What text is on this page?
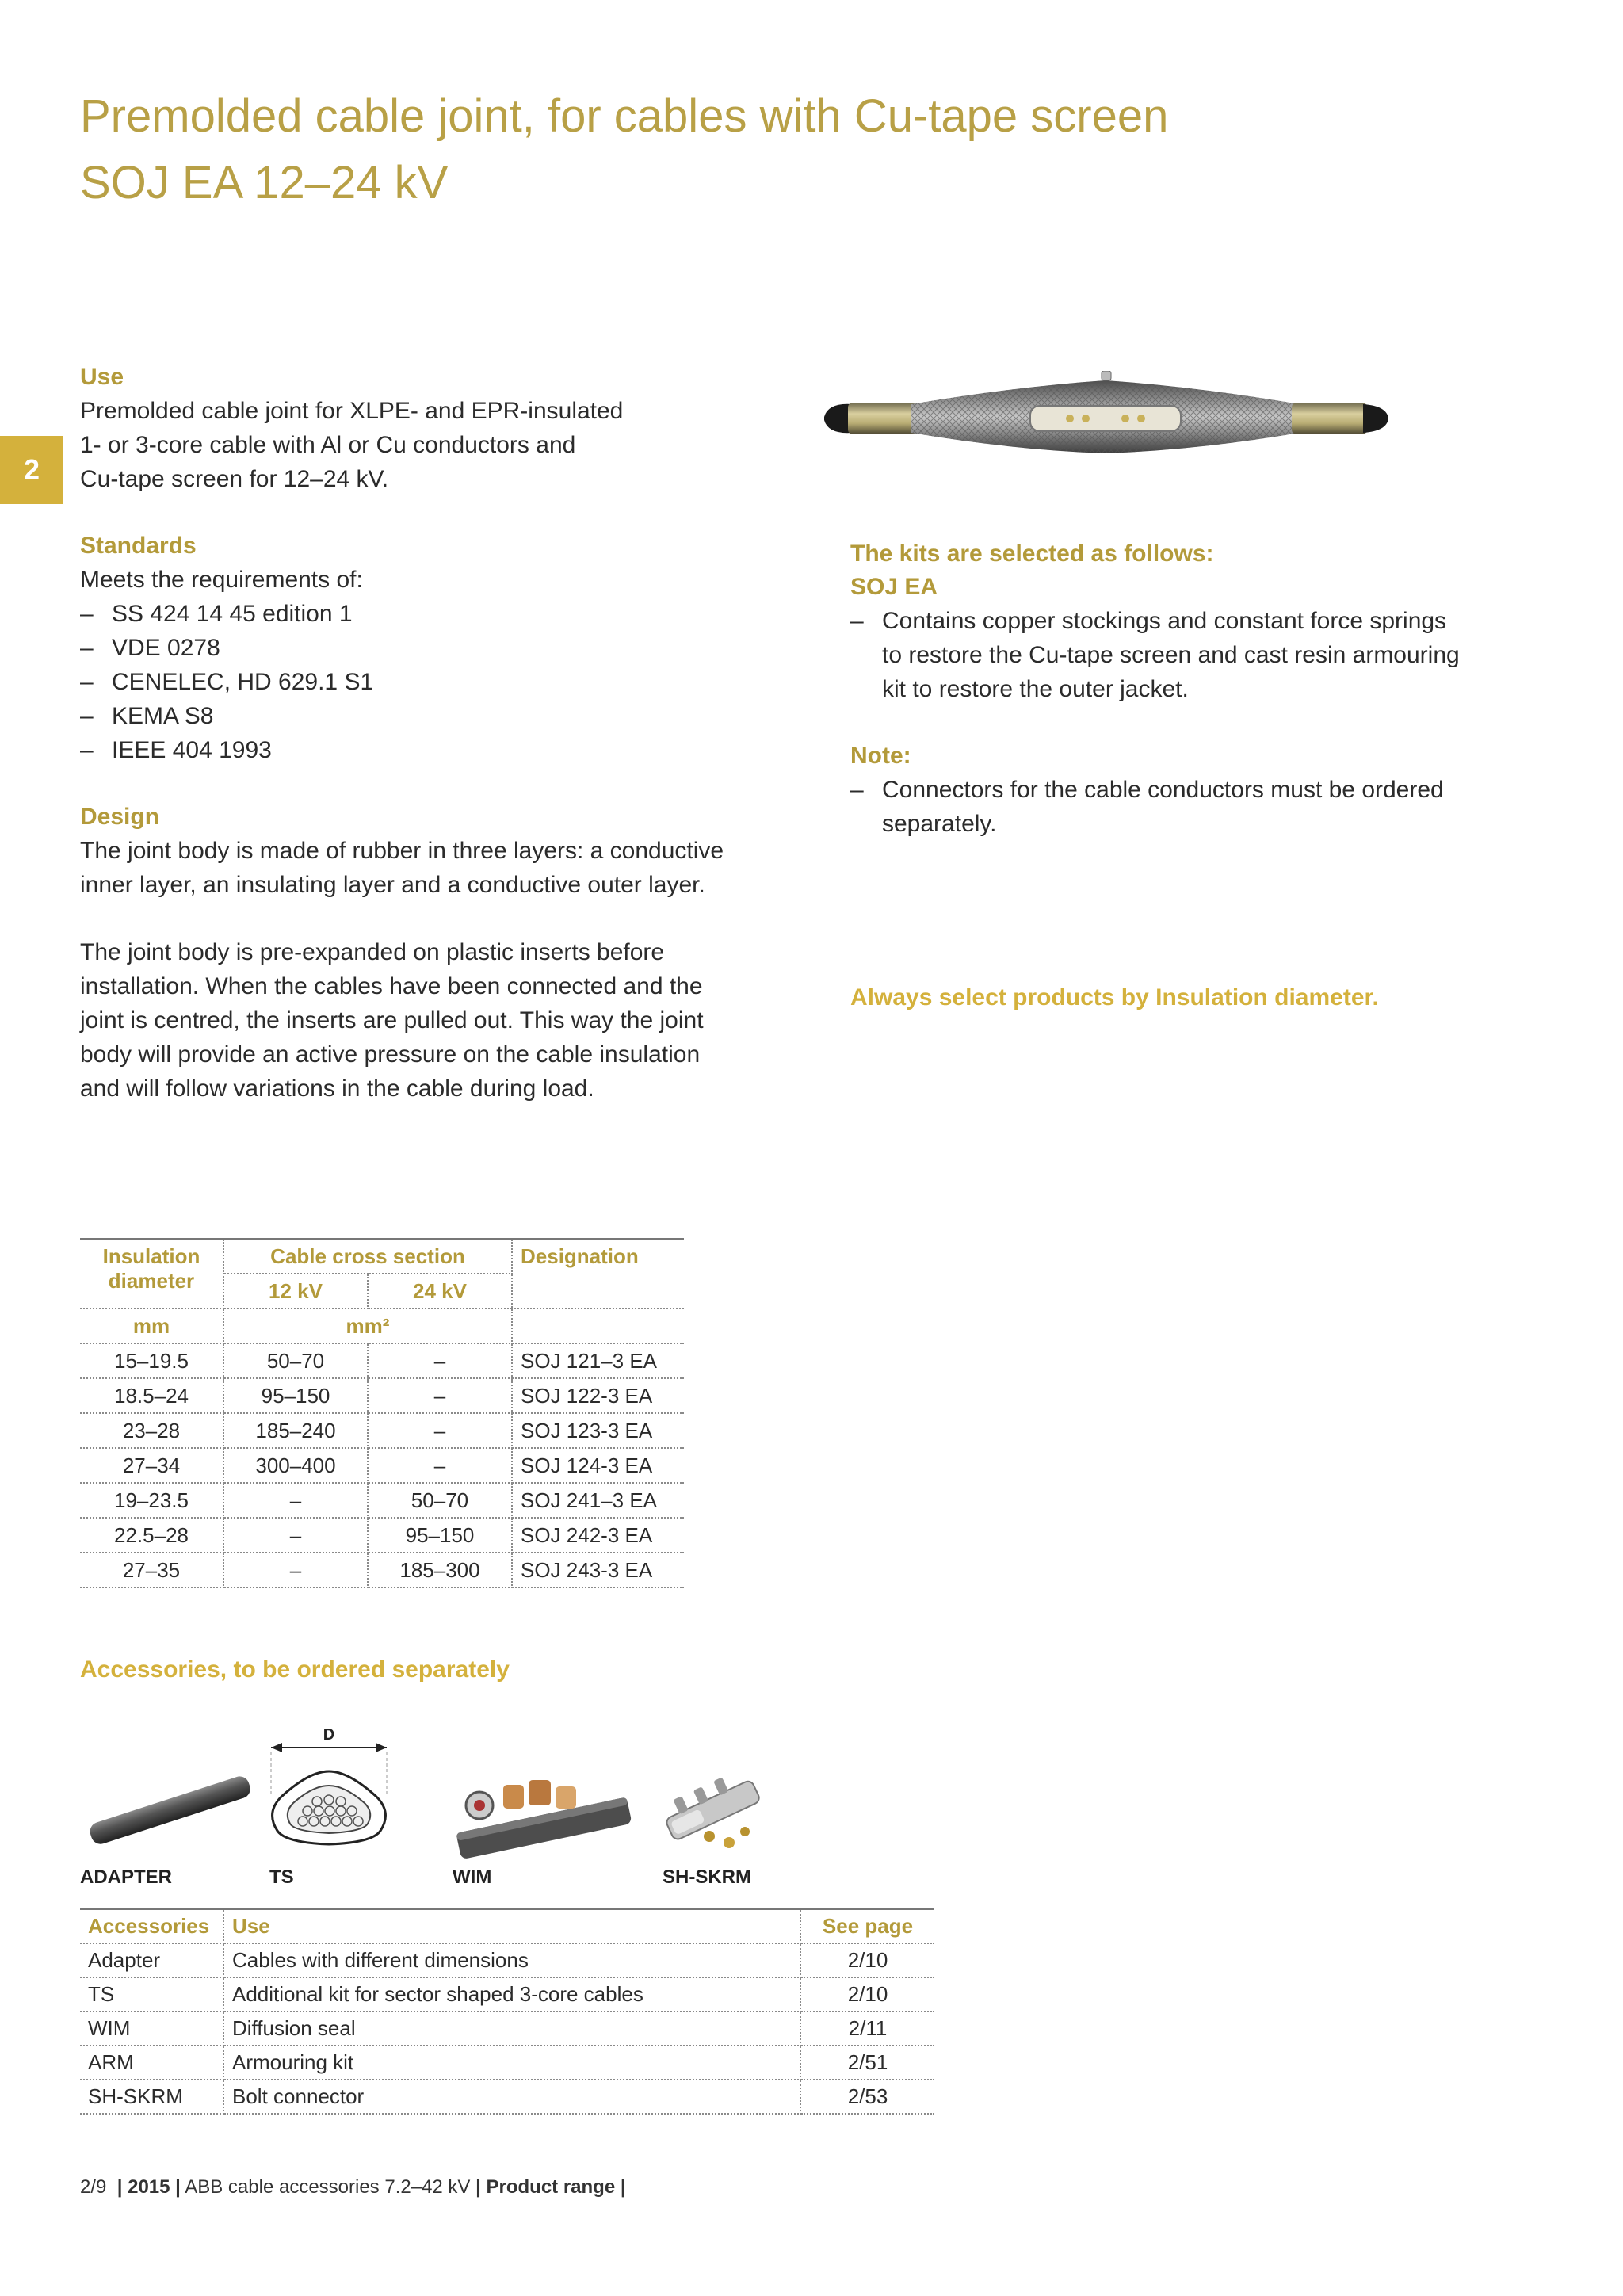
Premolded cable joint, for cables with Cu-tape screen
SOJ EA 12–24 kV
2

Use

Premolded cable joint for XLPE- and EPR-insulated

1- or 3-core cable with Al or Cu conductors and

Cu-tape screen for 12–24 kV.

Standards

Meets the requirements of:

– SS 424 14 45 edition 1
– VDE 0278
– CENELEC, HD 629.1 S1
– KEMA S8
– IEEE 404 1993

Design

The joint body is made of rubber in three layers: a conductive

inner layer, an insulating layer and a conductive outer layer.

The joint body is pre-expanded on plastic inserts before

installation. When the cables have been connected and the

joint is centred, the inserts are pulled out. This way the joint

body will provide an active pressure on the cable insulation

and will follow variations in the cable during load.

The kits are selected as follows:

SOJ EA

– Contains copper stockings and constant force springs
to restore the Cu-tape screen and cast resin armouring
kit to restore the outer jacket.

Note:

– Connectors for the cable conductors must be ordered
separately.

Always select products by Insulation diameter.

Insulation diameter	Cable cross section		Designation
	12 kV	24 kV	
mm	mm²		
15–19.5	50–70	–	SOJ 121–3 EA
18.5–24	95–150	–	SOJ 122-3 EA
23–28	185–240	–	SOJ 123-3 EA
27–34	300–400	–	SOJ 124-3 EA
19–23.5	–	50–70	SOJ 241–3 EA
22.5–28	–	95–150	SOJ 242-3 EA
27–35	–	185–300	SOJ 243-3 EA

Accessories, to be ordered separately

D
ADAPTER	TS	WIM	SH-SKRM
Accessories	Use	See page
Adapter	Cables with different dimensions	2/10
TS	Additional kit for sector shaped 3-core cables	2/10
WIM	Diffusion seal	2/11
ARM	Armouring kit	2/51
SH-SKRM	Bolt connector	2/53

2/9 | 2015 | ABB cable accessories 7.2–42 kV | Product range |
